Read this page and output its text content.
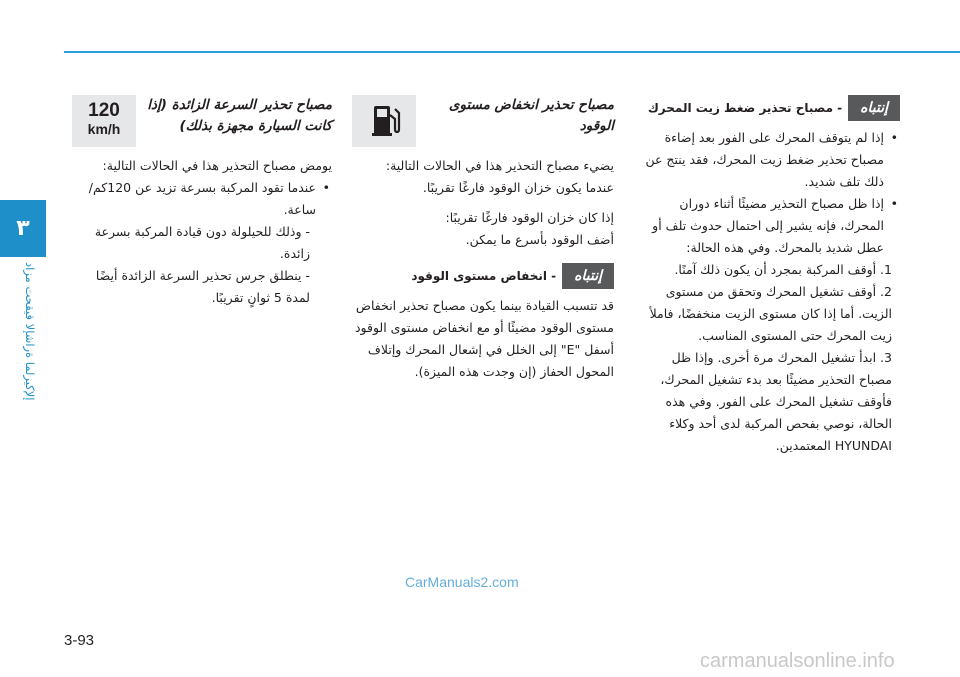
٣
إلإكيرلما ةراشإلا قيقحت مزاد
120
km/h
مصباح تحذير السرعة الزائدة (إذا كانت السيارة مجهزة بذلك)
يومض مصباح التحذير هذا في الحالات التالية:
• عندما تقود المركبة بسرعة تزيد عن 120كم/ساعة.
- وذلك للحيلولة دون قيادة المركبة بسرعة زائدة.
- ينطلق جرس تحذير السرعة الزائدة أيضًا لمدة 5 ثوانٍ تقريبًا.
مصباح تحذير انخفاض مستوى الوقود
يضيء مصباح التحذير هذا في الحالات التالية:
عندما يكون خزان الوقود فارغًا تقريبًا.
إذا كان خزان الوقود فارغًا تقريبًا:
أضف الوقود بأسرع ما يمكن.
إنتباه
- انخفاض مستوى الوقود
قد تتسبب القيادة بينما يكون مصباح تحذير انخفاض مستوى الوقود مضيئًا أو مع انخفاض مستوى الوقود أسفل "E" إلى الخلل في إشعال المحرك وإتلاف المحول الحفاز (إن وجدت هذه الميزة).
إنتباه
- مصباح تحذير ضغط زيت المحرك
• إذا لم يتوقف المحرك على الفور بعد إضاءة مصباح تحذير ضغط زيت المحرك، فقد ينتج عن ذلك تلف شديد.
• إذا ظل مصباح التحذير مضيئًا أثناء دوران المحرك، فإنه يشير إلى احتمال حدوث تلف أو عطل شديد بالمحرك. وفي هذه الحالة:
1. أوقف المركبة بمجرد أن يكون ذلك آمنًا.
2. أوقف تشغيل المحرك وتحقق من مستوى الزيت. أما إذا كان مستوى الزيت منخفضًا، فاملأ زيت المحرك حتى المستوى المناسب.
3. ابدأ تشغيل المحرك مرة أخرى. وإذا ظل مصباح التحذير مضيئًا بعد بدء تشغيل المحرك، فأوقف تشغيل المحرك على الفور. وفي هذه الحالة، نوصي بفحص المركبة لدى أحد وكلاء HYUNDAI المعتمدين.
CarManuals2.com
3-93
carmanualsonline.info
